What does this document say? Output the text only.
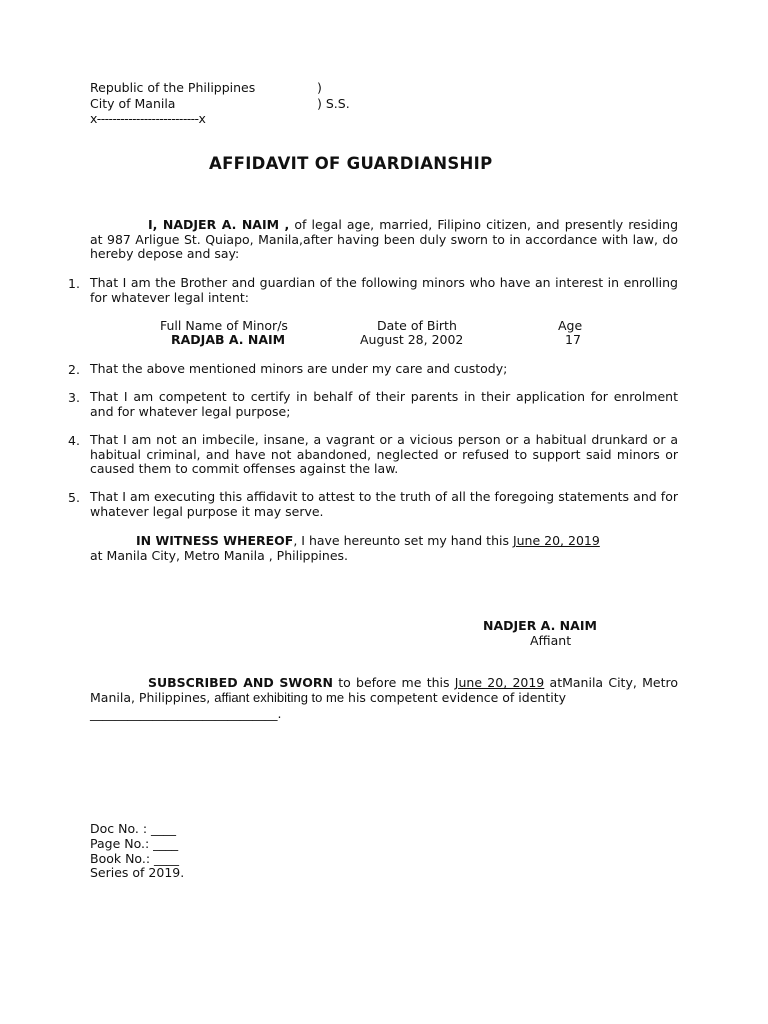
Republic of the Philippines	)
City of Manila	) S.S.
x--------------------------x
AFFIDAVIT OF GUARDIANSHIP
I, NADJER A. NAIM , of legal age, married, Filipino citizen, and presently residing at 987 Arligue St. Quiapo, Manila,after having been duly sworn to in accordance with law, do hereby depose and say:
1. That I am the Brother and guardian of the following minors who have an interest in enrolling for whatever legal intent:
Full Name of Minor/s	Date of Birth	Age
RADJAB A. NAIM	August 28, 2002	17
2. That the above mentioned minors are under my care and custody;
3. That I am competent to certify in behalf of their parents in their application for enrolment and for whatever legal purpose;
4. That I am not an imbecile, insane, a vagrant or a vicious person or a habitual drunkard or a habitual criminal, and have not abandoned, neglected or refused to support said minors or caused them to commit offenses against the law.
5. That I am executing this affidavit to attest to the truth of all the foregoing statements and for whatever legal purpose it may serve.
IN WITNESS WHEREOF, I have hereunto set my hand this June 20, 2019
at Manila City, Metro Manila , Philippines.
NADJER A. NAIM
Affiant
SUBSCRIBED AND SWORN to before me this June 20, 2019 atManila City, Metro Manila, Philippines, affiant exhibiting to me his competent evidence of identity
______________________________.
Doc No. : ____
Page No.: ____
Book No.: ____
Series of 2019.
